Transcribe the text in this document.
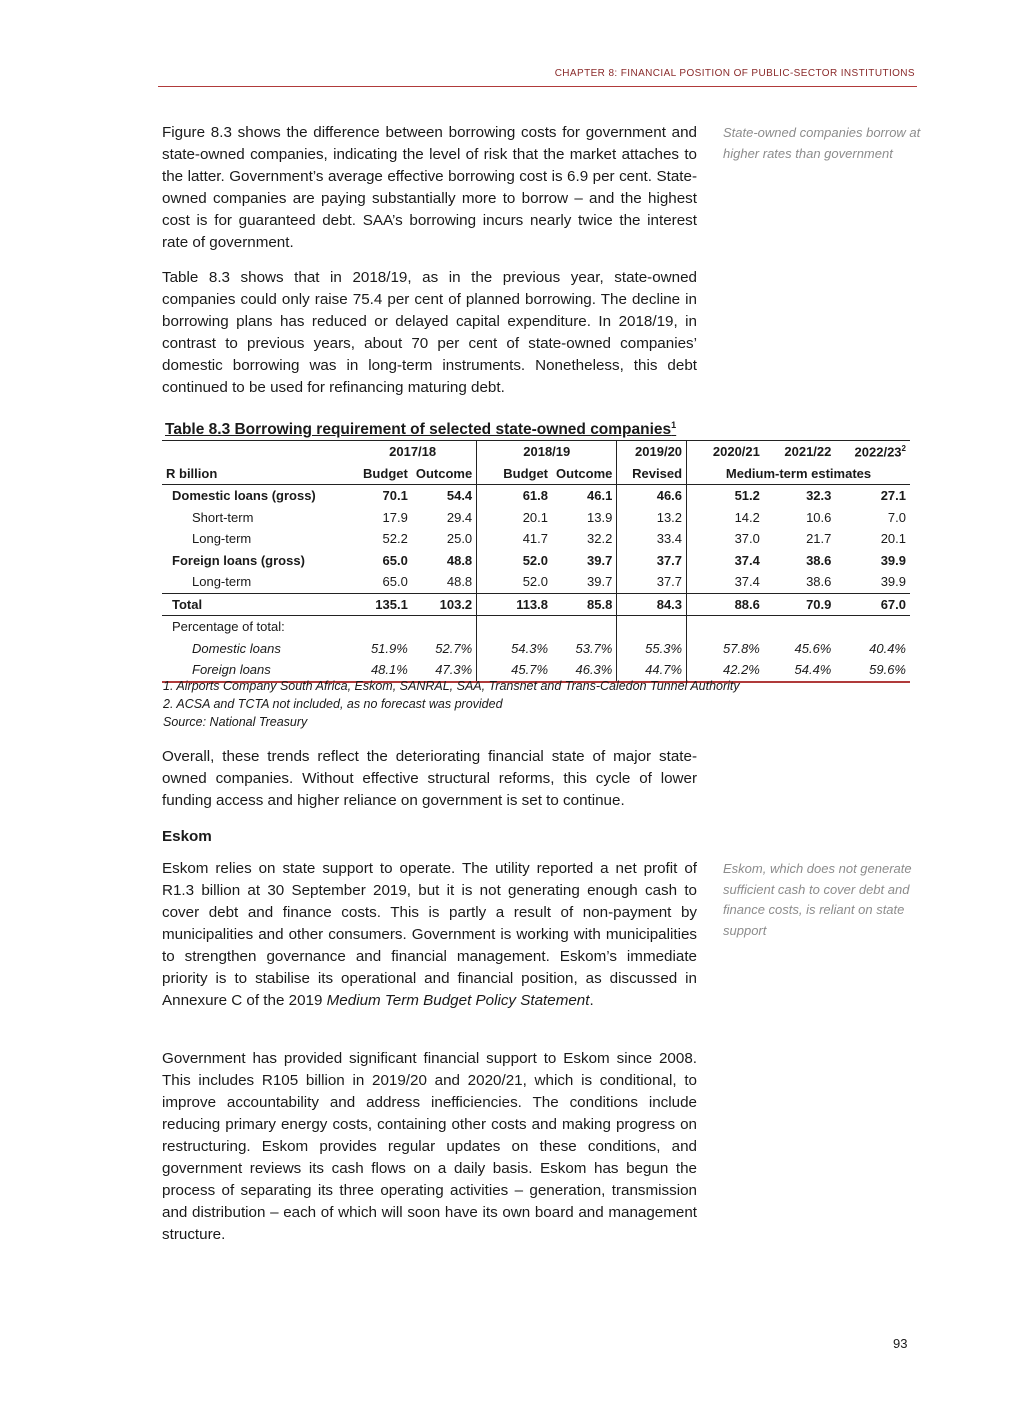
CHAPTER 8: FINANCIAL POSITION OF PUBLIC-SECTOR INSTITUTIONS

Figure 8.3 shows the difference between borrowing costs for government and state-owned companies, indicating the level of risk that the market attaches to the latter. Government’s average effective borrowing cost is 6.9 per cent. State-owned companies are paying substantially more to borrow – and the highest cost is for guaranteed debt. SAA’s borrowing incurs nearly twice the interest rate of government.

State-owned companies borrow at higher rates than government

Table 8.3 shows that in 2018/19, as in the previous year, state-owned companies could only raise 75.4 per cent of planned borrowing. The decline in borrowing plans has reduced or delayed capital expenditure. In 2018/19, in contrast to previous years, about 70 per cent of state-owned companies’ domestic borrowing was in long-term instruments. Nonetheless, this debt continued to be used for refinancing maturing debt.

Table 8.3 Borrowing requirement of selected state-owned companies$^1$

	2017/18		2018/19		2019/20	2020/21	2021/22	$2022/23^2$
R billion	Budget	Outcome	Budget	Outcome	Revised	Medium-term estimates		
Domestic loans (gross)	70.1	54.4	61.8	46.1	46.6	51.2	32.3	27.1
Short-term	17.9	29.4	20.1	13.9	13.2	14.2	10.6	7.0
Long-term	52.2	25.0	41.7	32.2	33.4	37.0	21.7	20.1
Foreign loans (gross)	65.0	48.8	52.0	39.7	37.7	37.4	38.6	39.9
Long-term	65.0	48.8	52.0	39.7	37.7	37.4	38.6	39.9
Total	135.1	103.2	113.8	85.8	84.3	88.6	70.9	67.0
Percentage of total:								
Domestic loans	51.9%	52.7%	54.3%	53.7%	55.3%	57.8%	45.6%	40.4%
Foreign loans	48.1%	47.3%	45.7%	46.3%	44.7%	42.2%	54.4%	59.6%
1. Airports Company South Africa, Eskom, SANRAL, SAA, Transnet and Trans-Caledon Tunnel Authority
2. ACSA and TCTA not included, as no forecast was provided
Source: National Treasury

Overall, these trends reflect the deteriorating financial state of major state-owned companies. Without effective structural reforms, this cycle of lower funding access and higher reliance on government is set to continue.

Eskom

Eskom relies on state support to operate. The utility reported a net profit of R1.3 billion at 30 September 2019, but it is not generating enough cash to cover debt and finance costs. This is partly a result of non-payment by municipalities and other consumers. Government is working with municipalities to strengthen governance and financial management. Eskom’s immediate priority is to stabilise its operational and financial position, as discussed in Annexure C of the 2019 Medium Term Budget Policy Statement.

Eskom, which does not generate sufficient cash to cover debt and finance costs, is reliant on state support

Government has provided significant financial support to Eskom since 2008. This includes R105 billion in 2019/20 and 2020/21, which is conditional, to improve accountability and address inefficiencies. The conditions include reducing primary energy costs, containing other costs and making progress on restructuring. Eskom provides regular updates on these conditions, and government reviews its cash flows on a daily basis. Eskom has begun the process of separating its three operating activities – generation, transmission and distribution – each of which will soon have its own board and management structure.

93
